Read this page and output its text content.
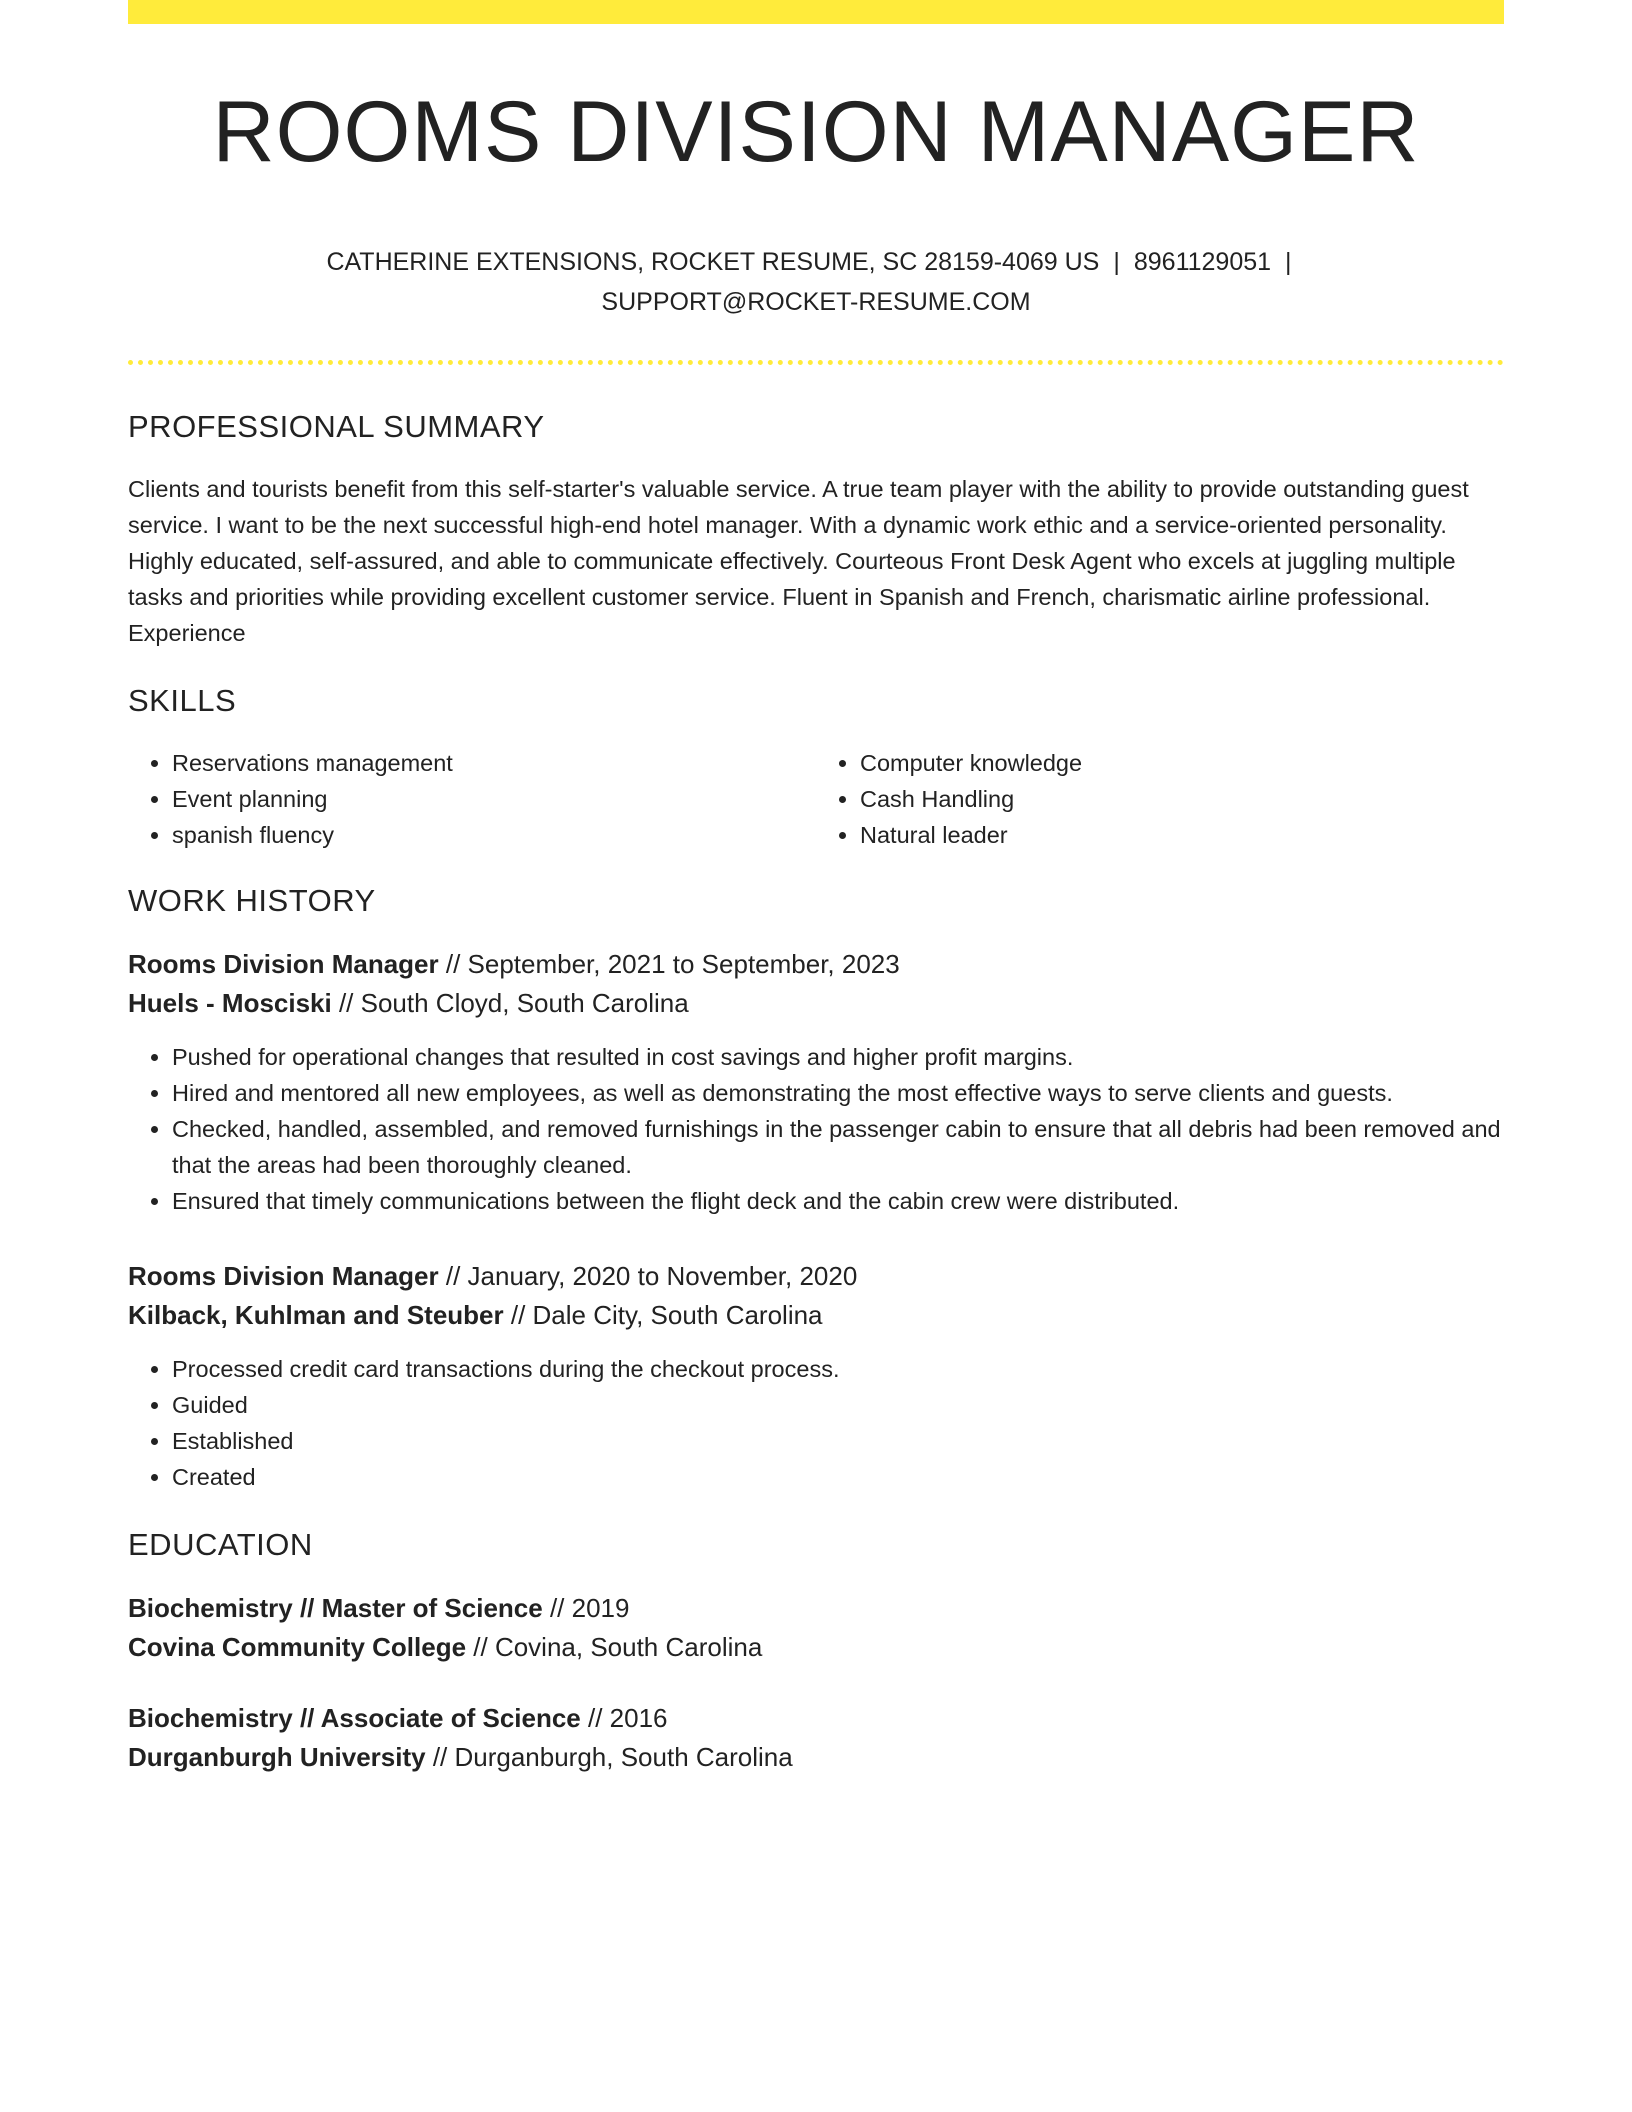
ROOMS DIVISION MANAGER
CATHERINE EXTENSIONS, ROCKET RESUME, SC 28159-4069 US | 8961129051 |
SUPPORT@ROCKET-RESUME.COM
PROFESSIONAL SUMMARY
Clients and tourists benefit from this self-starter's valuable service. A true team player with the ability to provide outstanding guest service. I want to be the next successful high-end hotel manager. With a dynamic work ethic and a service-oriented personality. Highly educated, self-assured, and able to communicate effectively. Courteous Front Desk Agent who excels at juggling multiple tasks and priorities while providing excellent customer service. Fluent in Spanish and French, charismatic airline professional. Experience
SKILLS
• Reservations management
• Event planning
• spanish fluency
• Computer knowledge
• Cash Handling
• Natural leader
WORK HISTORY
Rooms Division Manager // September, 2021 to September, 2023
Huels - Mosciski // South Cloyd, South Carolina
• Pushed for operational changes that resulted in cost savings and higher profit margins.
• Hired and mentored all new employees, as well as demonstrating the most effective ways to serve clients and guests.
• Checked, handled, assembled, and removed furnishings in the passenger cabin to ensure that all debris had been removed and that the areas had been thoroughly cleaned.
• Ensured that timely communications between the flight deck and the cabin crew were distributed.
Rooms Division Manager // January, 2020 to November, 2020
Kilback, Kuhlman and Steuber // Dale City, South Carolina
• Processed credit card transactions during the checkout process.
• Guided
• Established
• Created
EDUCATION
Biochemistry // Master of Science // 2019
Covina Community College // Covina, South Carolina
Biochemistry // Associate of Science // 2016
Durganburgh University // Durganburgh, South Carolina
